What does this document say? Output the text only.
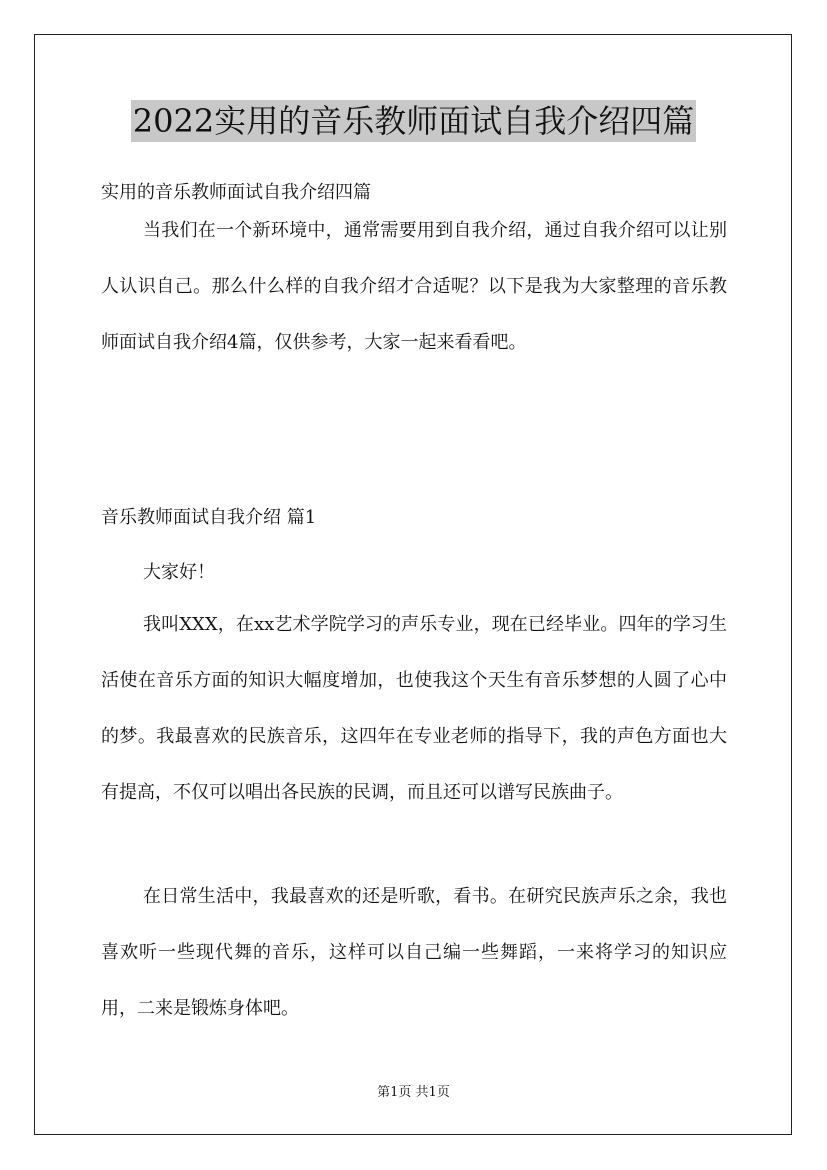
2022实用的音乐教师面试自我介绍四篇

实用的音乐教师面试自我介绍四篇

当我们在一个新环境中，通常需要用到自我介绍，通过自我介绍可以让别人认识自己。那么什么样的自我介绍才合适呢？以下是我为大家整理的音乐教师面试自我介绍4篇，仅供参考，大家一起来看看吧。

音乐教师面试自我介绍 篇1

大家好！

我叫XXX，在xx艺术学院学习的声乐专业，现在已经毕业。四年的学习生活使在音乐方面的知识大幅度增加，也使我这个天生有音乐梦想的人圆了心中的梦。我最喜欢的民族音乐，这四年在专业老师的指导下，我的声色方面也大有提高，不仅可以唱出各民族的民调，而且还可以谱写民族曲子。

在日常生活中，我最喜欢的还是听歌，看书。在研究民族声乐之余，我也喜欢听一些现代舞的音乐，这样可以自己编一些舞蹈，一来将学习的知识应用，二来是锻炼身体吧。

第1页 共1页
